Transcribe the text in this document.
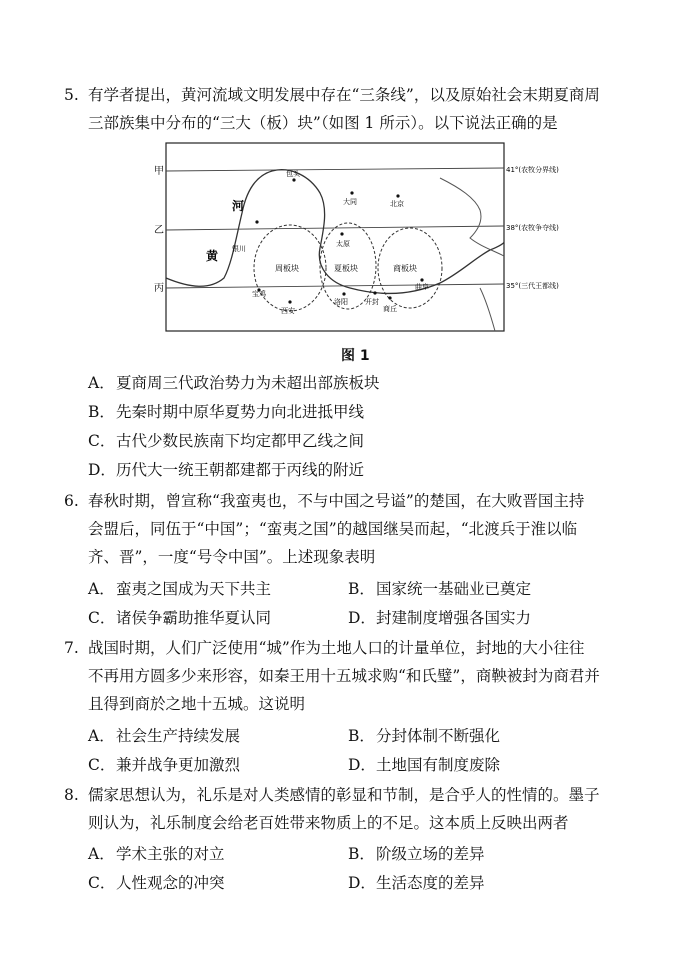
5. 有学者提出，黄河流域文明发展中存在“三条线”，以及原始社会末期夏商周
三部族集中分布的“三大（板）块”（如图 1 所示）。以下说法正确的是
甲
乙
丙
41°(农牧分界线)
38°(农牧争夺线)
35°(三代王都线)
河
黄
周板块	夏板块	商板块
包头
大同	北京
银川
太原
曲阜
宝鸡
西安
洛阳 开封
商丘
图 1
A．夏商周三代政治势力为未超出部族板块
B．先秦时期中原华夏势力向北进抵甲线
C．古代少数民族南下均定都甲乙线之间
D．历代大一统王朝都建都于丙线的附近
6. 春秋时期，曾宣称“我蛮夷也，不与中国之号谥”的楚国，在大败晋国主持
会盟后，同伍于“中国”；“蛮夷之国”的越国继吴而起，“北渡兵于淮以临
齐、晋”，一度“号令中国”。上述现象表明
A．蛮夷之国成为天下共主	B．国家统一基础业已奠定
C．诸侯争霸助推华夏认同	D．封建制度增强各国实力
7. 战国时期，人们广泛使用“城”作为土地人口的计量单位，封地的大小往往
不再用方圆多少来形容，如秦王用十五城求购“和氏璧”，商鞅被封为商君并
且得到商於之地十五城。这说明
A．社会生产持续发展	B．分封体制不断强化
C．兼并战争更加激烈	D．土地国有制度废除
8. 儒家思想认为，礼乐是对人类感情的彰显和节制，是合乎人的性情的。墨子
则认为，礼乐制度会给老百姓带来物质上的不足。这本质上反映出两者
A．学术主张的对立	B．阶级立场的差异
C．人性观念的冲突	D．生活态度的差异
